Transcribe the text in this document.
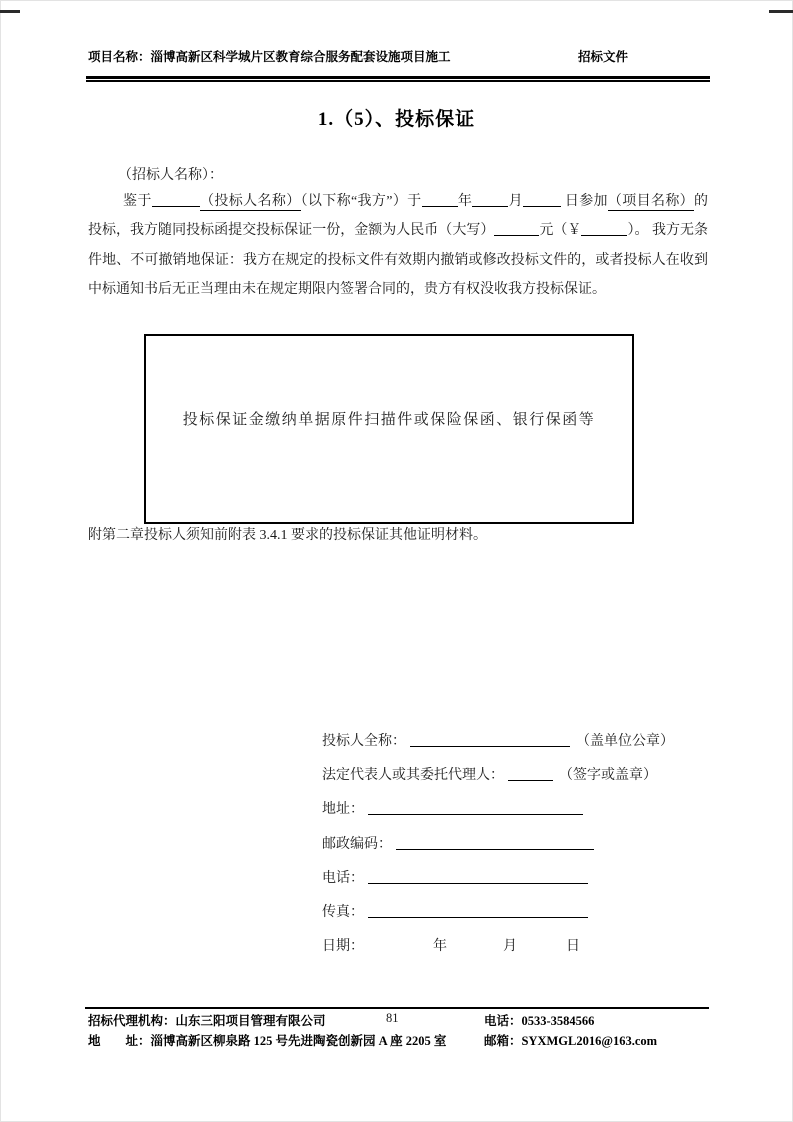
项目名称：淄博高新区科学城片区教育综合服务配套设施项目施工	招标文件
1.（5）、投标保证
（招标人名称）：
鉴于	（投标人名称）（以下称“我方”）于	年	月	日参加（项目名称）的投标，我方随同投标函提交投标保证一份，金额为人民币（大写）	元（￥	）。 我方无条件地、不可撤销地保证：我方在规定的投标文件有效期内撤销或修改投标文件的，或者投标人在收到中标通知书后无正当理由未在规定期限内签署合同的，贵方有权没收我方投标保证。
投标保证金缴纳单据原件扫描件或保险保函、银行保函等
附第二章投标人须知前附表 3.4.1 要求的投标保证其他证明材料。
投标人全称：	（盖单位公章）
法定代表人或其委托代理人：	（签字或盖章）
地址：
邮政编码：
电话：
传真：
日期：	年	月	日
招标代理机构：山东三阳项目管理有限公司
地　　址：淄博高新区柳泉路 125 号先进陶瓷创新园 A 座 2205 室
81	电话：0533-3584566
邮箱：SYXMGL2016@163.com
